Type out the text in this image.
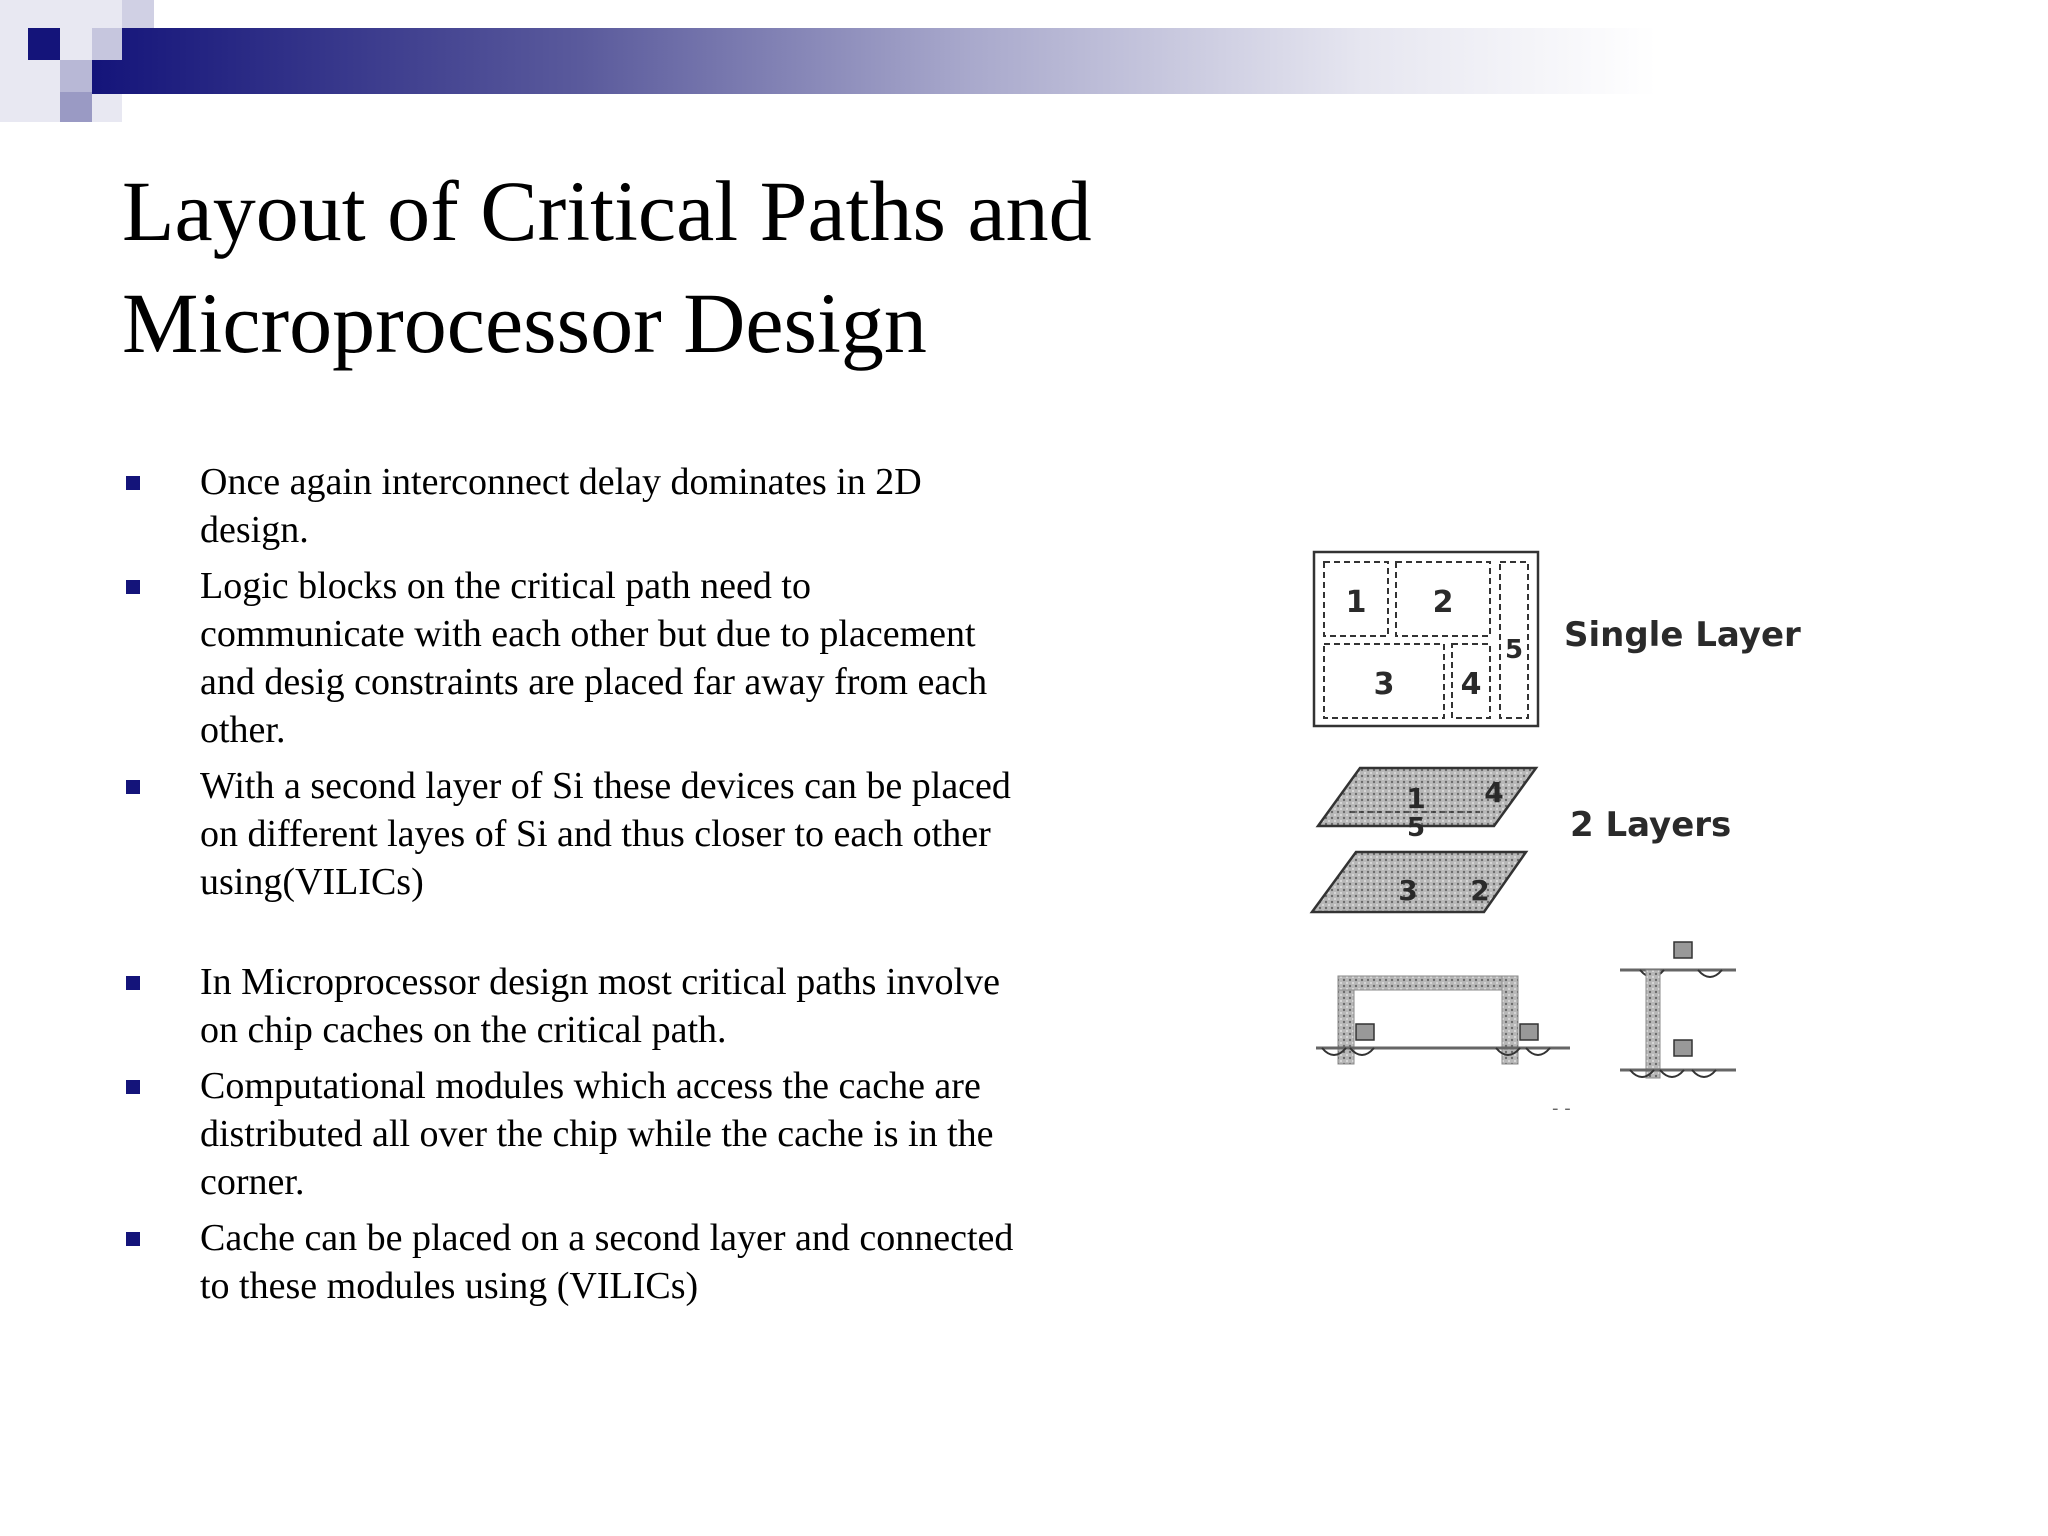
Layout of Critical Paths and Microprocessor Design
Once again interconnect delay dominates in 2D design.
Logic blocks on the critical path need to communicate with each other but due to placement and desig constraints are placed far away from each other.
With a second layer of Si these devices can be placed on different layes of Si and thus closer to each other using(VILICs)
In Microprocessor design most critical paths involve on chip caches on the critical path.
Computational modules which access the cache are distributed all over the chip while the cache is in the corner.
Cache can be placed on a second layer and connected to these modules using (VILICs)
1 2
3 4
5 Single Layer
1 4
5
3 2
2 Layers
- -
